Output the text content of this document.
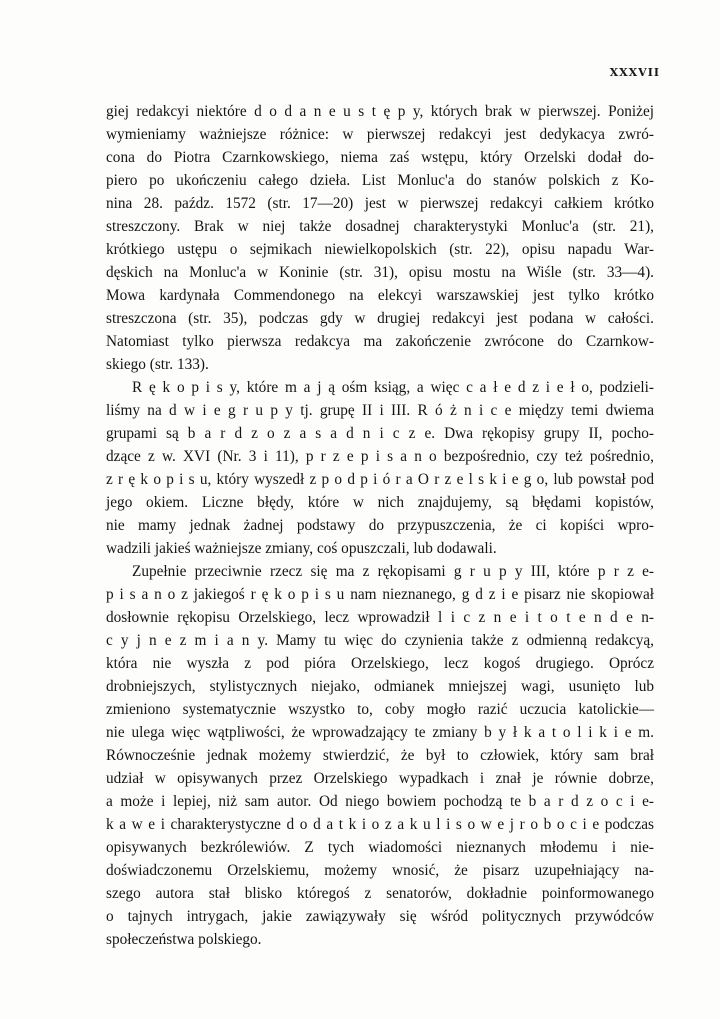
XXXVII
giej redakcyi niektóre d o d a n e u s t ę p y, których brak w pierwszej. Poniżej
wymieniamy ważniejsze różnice: w pierwszej redakcyi jest dedykacya zwró-
cona do Piotra Czarnkowskiego, niema zaś wstępu, który Orzelski dodał do-
piero po ukończeniu całego dzieła. List Monluc'a do stanów polskich z Ko-
nina 28. paźdz. 1572 (str. 17—20) jest w pierwszej redakcyi całkiem krótko
streszczony. Brak w niej także dosadnej charakterystyki Monluc'a (str. 21),
krótkiego ustępu o sejmikach niewielkopolskich (str. 22), opisu napadu War-
dęskich na Monluc'a w Koninie (str. 31), opisu mostu na Wiśle (str. 33—4).
Mowa kardynała Commendonego na elekcyi warszawskiej jest tylko krótko
streszczona (str. 35), podczas gdy w drugiej redakcyi jest podana w całości.
Natomiast tylko pierwsza redakcya ma zakończenie zwrócone do Czarnkow-
skiego (str. 133).
R ę k o p i s y, które m a j ą ośm ksiąg, a więc c a ł e d z i e ł o, podzieli-
liśmy na d w i e g r u p y tj. grupę II i III. R ó ż n i c e między temi dwiema
grupami są b a r d z o z a s a d n i c z e. Dwa rękopisy grupy II, pocho-
dzące z w. XVI (Nr. 3 i 11), p r z e p i s a n o bezpośrednio, czy też pośrednio,
z r ę k o p i s u, który wyszedł z p o d p i ó r a O r z e l s k i e g o, lub powstał pod
jego okiem. Liczne błędy, które w nich znajdujemy, są błędami kopistów,
nie mamy jednak żadnej podstawy do przypuszczenia, że ci kopiści wpro-
wadzili jakieś ważniejsze zmiany, coś opuszczali, lub dodawali.
Zupełnie przeciwnie rzecz się ma z rękopisami g r u p y III, które p r z e-
p i s a n o z jakiegoś r ę k o p i s u nam nieznanego, g d z i e pisarz nie skopiował
dosłownie rękopisu Orzelskiego, lecz wprowadził l i c z n e i t o t e n d e n-
c y j n e z m i a n y. Mamy tu więc do czynienia także z odmienną redakcyą,
która nie wyszła z pod pióra Orzelskiego, lecz kogoś drugiego. Oprócz
drobniejszych, stylistycznych niejako, odmianek mniejszej wagi, usunięto lub
zmieniono systematycznie wszystko to, coby mogło razić uczucia katolickie—
nie ulega więc wątpliwości, że wprowadzający te zmiany b y ł k a t o l i k i e m.
Równocześnie jednak możemy stwierdzić, że był to człowiek, który sam brał
udział w opisywanych przez Orzelskiego wypadkach i znał je równie dobrze,
a może i lepiej, niż sam autor. Od niego bowiem pochodzą te b a r d z o c i e-
k a w e i charakterystyczne d o d a t k i o z a k u l i s o w e j r o b o c i e podczas
opisywanych bezkrólewiów. Z tych wiadomości nieznanych młodemu i nie-
doświadczonemu Orzelskiemu, możemy wnosić, że pisarz uzupełniający na-
szego autora stał blisko któregoś z senatorów, dokładnie poinformowanego
o tajnych intrygach, jakie zawiązywały się wśród politycznych przywódców
społeczeństwa polskiego.
